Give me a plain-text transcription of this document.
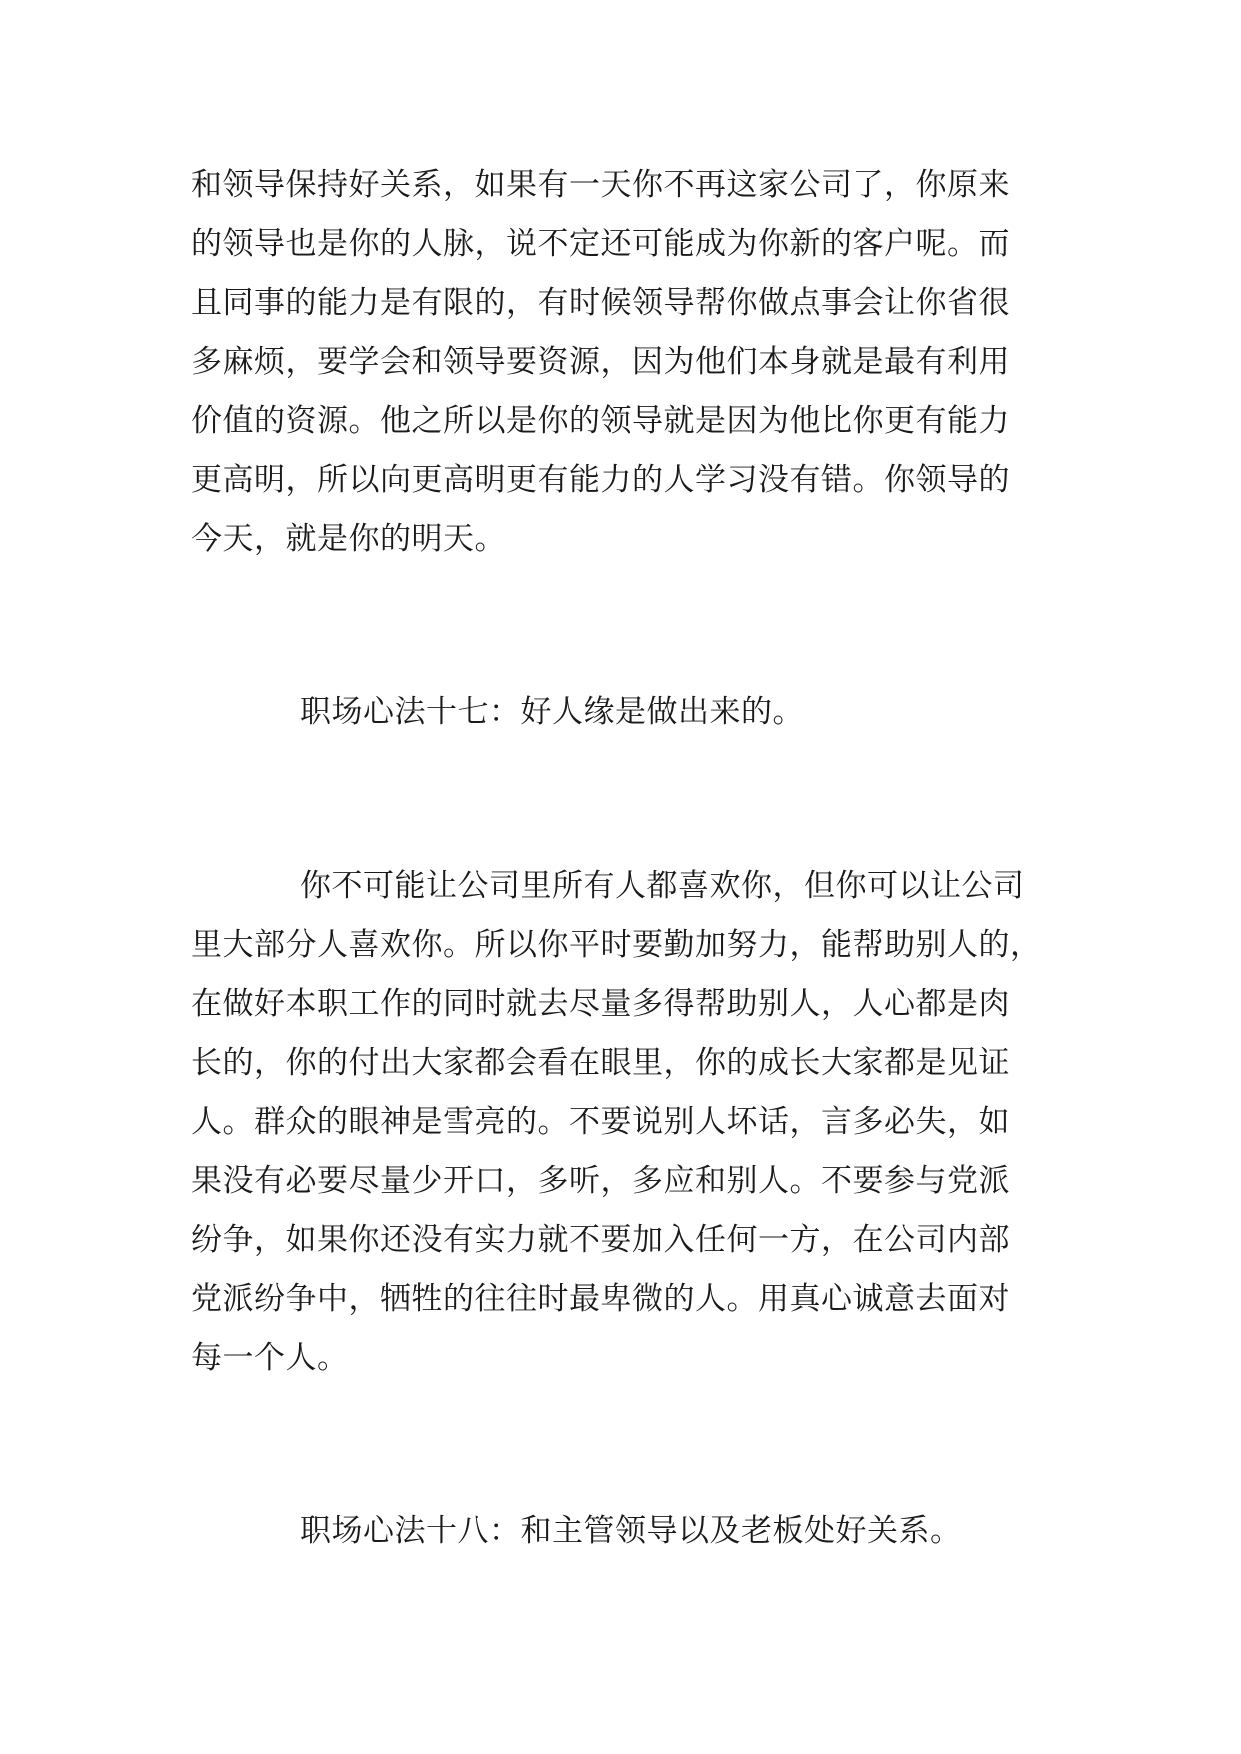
和领导保持好关系，如果有一天你不再这家公司了，你原来
的领导也是你的人脉，说不定还可能成为你新的客户呢。而
且同事的能力是有限的，有时候领导帮你做点事会让你省很
多麻烦，要学会和领导要资源，因为他们本身就是最有利用
价值的资源。他之所以是你的领导就是因为他比你更有能力
更高明，所以向更高明更有能力的人学习没有错。你领导的
今天，就是你的明天。
职场心法十七：好人缘是做出来的。
你不可能让公司里所有人都喜欢你，但你可以让公司
里大部分人喜欢你。所以你平时要勤加努力，能帮助别人的，
在做好本职工作的同时就去尽量多得帮助别人，人心都是肉
长的，你的付出大家都会看在眼里，你的成长大家都是见证
人。群众的眼神是雪亮的。不要说别人坏话，言多必失，如
果没有必要尽量少开口，多听，多应和别人。不要参与党派
纷争，如果你还没有实力就不要加入任何一方，在公司内部
党派纷争中，牺牲的往往时最卑微的人。用真心诚意去面对
每一个人。
职场心法十八：和主管领导以及老板处好关系。
